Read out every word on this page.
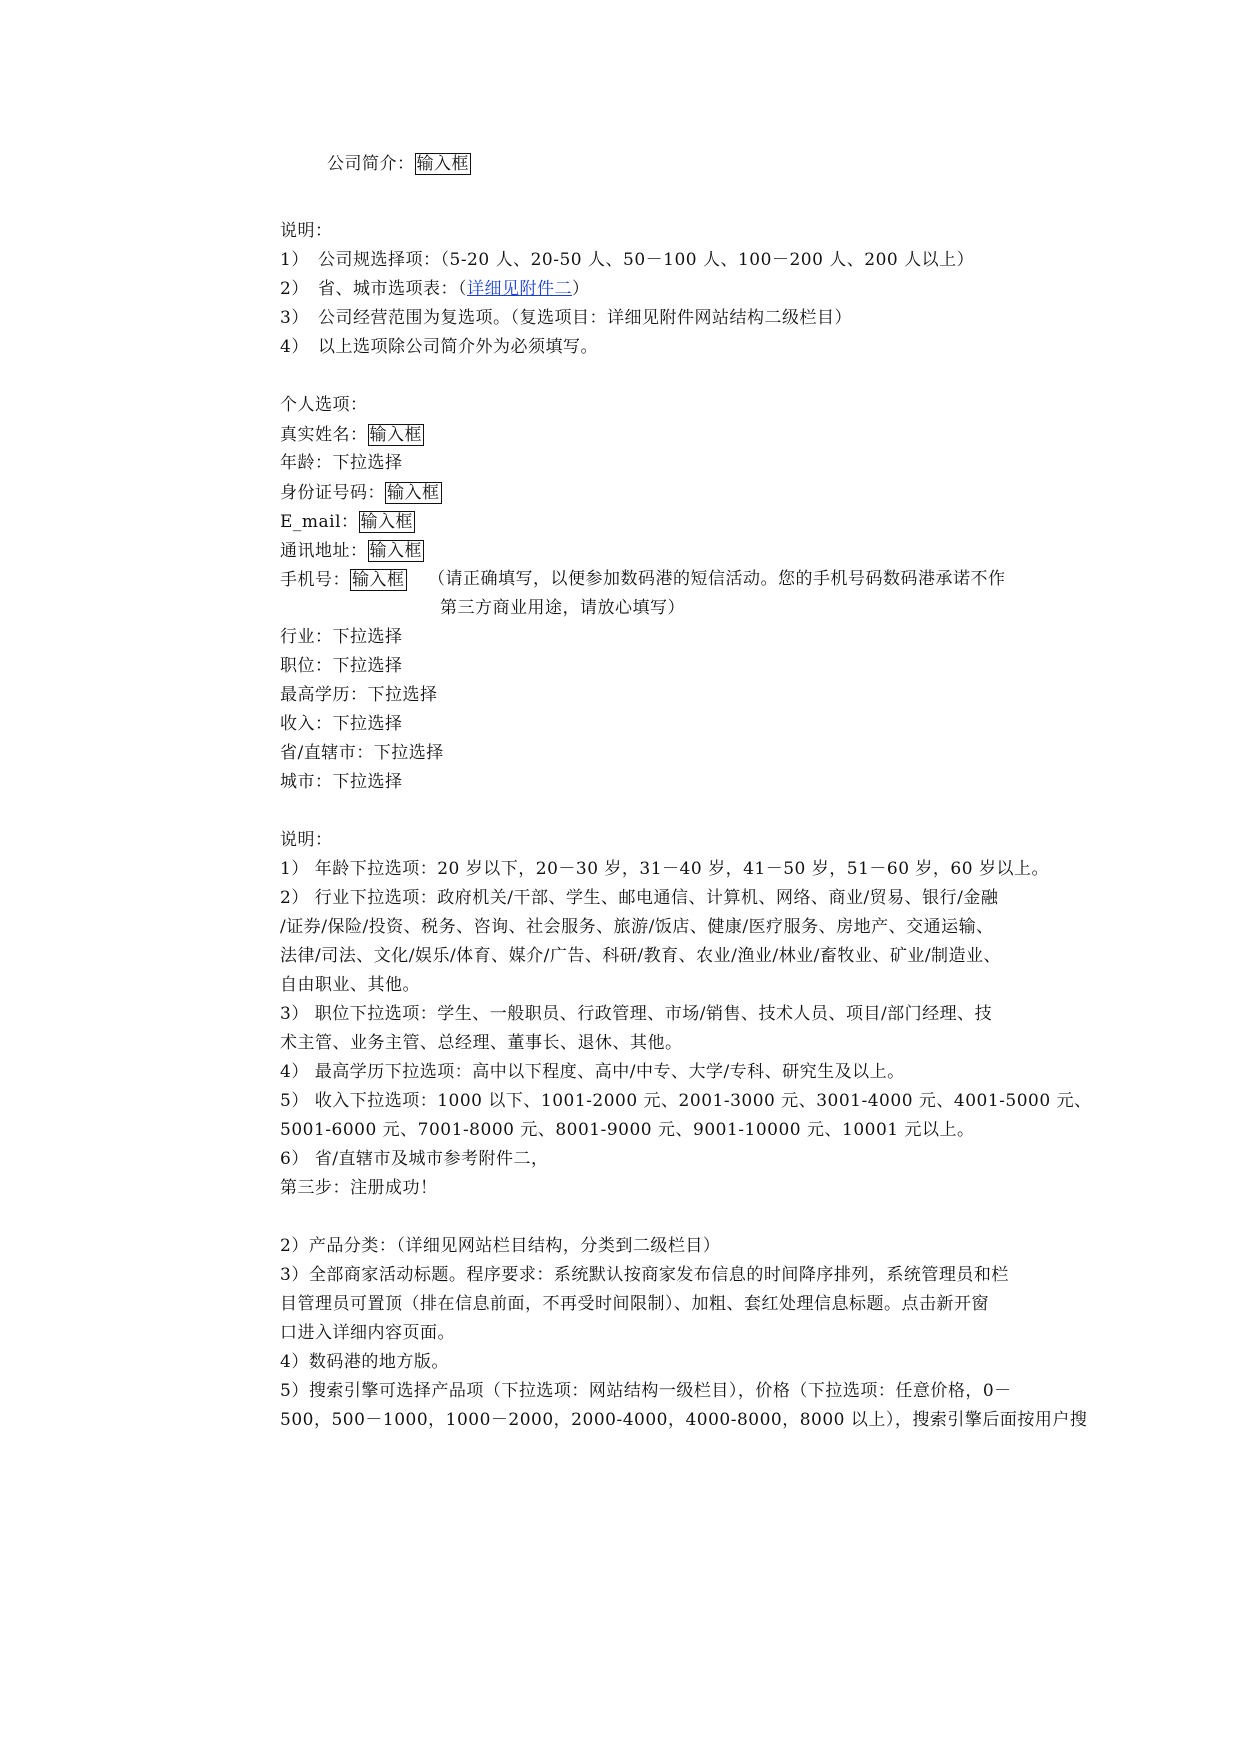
公司简介： 输入框
说明：
1） 公司规选择项：（5-20 人、20-50 人、50－100 人、100－200 人、200 人以上）
2） 省、城市选项表：（详细见附件二）
3） 公司经营范围为复选项。（复选项目：详细见附件网站结构二级栏目）
4） 以上选项除公司简介外为必须填写。
个人选项：
真实姓名： 输入框
年龄：下拉选择
身份证号码： 输入框
E_mail： 输入框
通讯地址： 输入框
手机号： 输入框 （请正确填写，以便参加数码港的短信活动。您的手机号码数码港承诺不作
第三方商业用途，请放心填写）
行业：下拉选择
职位：下拉选择
最高学历：下拉选择
收入：下拉选择
省/直辖市：下拉选择
城市：下拉选择
说明：
1） 年龄下拉选项：20 岁以下，20－30 岁，31－40 岁，41－50 岁，51－60 岁，60 岁以上。
2） 行业下拉选项：政府机关/干部、学生、邮电通信、计算机、网络、商业/贸易、银行/金融
/证券/保险/投资、税务、咨询、社会服务、旅游/饭店、健康/医疗服务、房地产、交通运输、
法律/司法、文化/娱乐/体育、媒介/广告、科研/教育、农业/渔业/林业/畜牧业、矿业/制造业、
自由职业、其他。
3） 职位下拉选项：学生、一般职员、行政管理、市场/销售、技术人员、项目/部门经理、技
术主管、业务主管、总经理、董事长、退休、其他。
4） 最高学历下拉选项：高中以下程度、高中/中专、大学/专科、研究生及以上。
5） 收入下拉选项：1000 以下、1001-2000 元、2001-3000 元、3001-4000 元、4001-5000 元、
5001-6000 元、7001-8000 元、8001-9000 元、9001-10000 元、10001 元以上。
6） 省/直辖市及城市参考附件二，
第三步：注册成功！
2）产品分类：（详细见网站栏目结构，分类到二级栏目）
3）全部商家活动标题。程序要求：系统默认按商家发布信息的时间降序排列，系统管理员和栏
目管理员可置顶（排在信息前面，不再受时间限制）、加粗、套红处理信息标题。点击新开窗
口进入详细内容页面。
4）数码港的地方版。
5）搜索引擎可选择产品项（下拉选项：网站结构一级栏目），价格（下拉选项：任意价格，0－
500，500－1000，1000－2000，2000-4000，4000-8000，8000 以上），搜索引擎后面按用户搜
